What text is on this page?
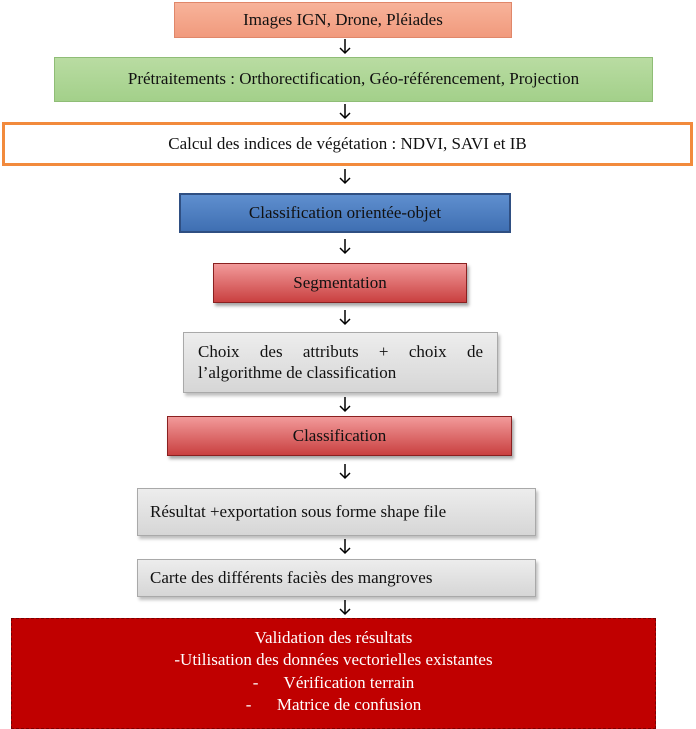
Images IGN, Drone, Pléiades
Prétraitements : Orthorectification, Géo-référencement, Projection
Calcul des indices de végétation : NDVI, SAVI et IB
Classification orientée-objet
Segmentation
Choix des attributs + choix de l’algorithme de classification
Classification
Résultat +exportation sous forme shape file
Carte des différents faciès des mangroves
Validation des résultats
-Utilisation des données vectorielles existantes
-      Vérification terrain
-      Matrice de confusion
